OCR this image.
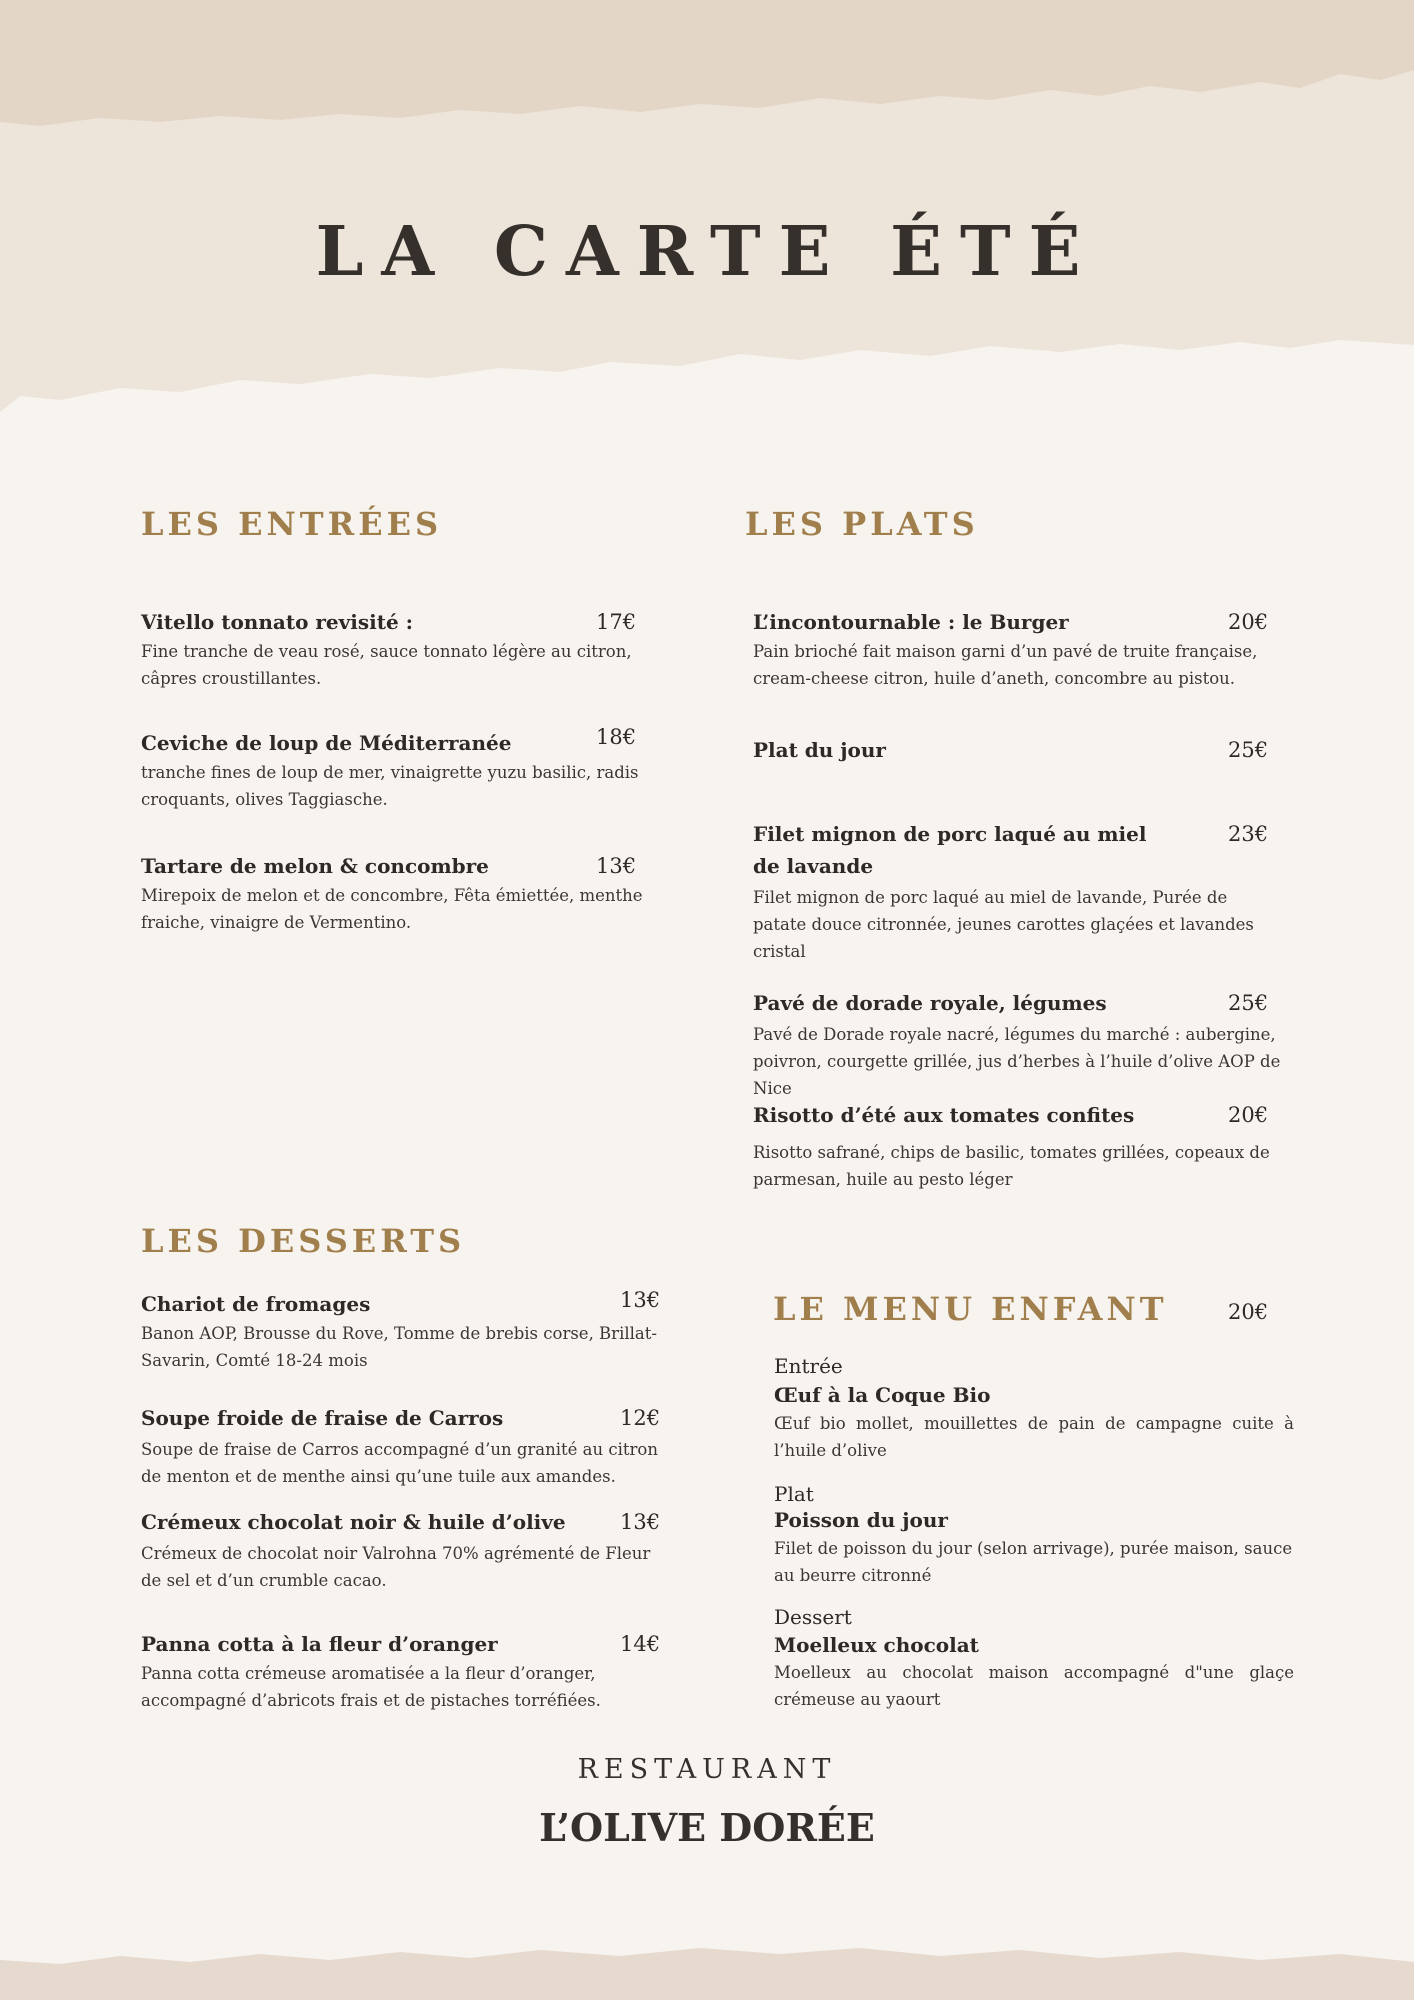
LA CARTE ÉTÉ
LES ENTRÉES
Vitello tonnato revisité :	17€

Fine tranche de veau rosé, sauce tonnato légère au citron, câpres croustillantes.

Ceviche de loup de Méditerranée	18€

tranche fines de loup de mer, vinaigrette yuzu basilic, radis croquants, olives Taggiasche.

Tartare de melon & concombre	13€

Mirepoix de melon et de concombre, Fêta émiettée, menthe fraiche, vinaigre de Vermentino.

LES PLATS
L’incontournable : le Burger	20€

Pain brioché fait maison garni d’un pavé de truite française, cream-cheese citron, huile d’aneth, concombre au pistou.

Plat du jour	25€
Filet mignon de porc laqué au miel de lavande
23€

Filet mignon de porc laqué au miel de lavande, Purée de patate douce citronnée, jeunes carottes glaçées et lavandes cristal

Pavé de dorade royale, légumes	25€

Pavé de Dorade royale nacré, légumes du marché : aubergine, poivron, courgette grillée, jus d’herbes à l’huile d’olive AOP de Nice

Risotto d’été aux tomates confites	20€

Risotto safrané, chips de basilic, tomates grillées, copeaux de parmesan, huile au pesto léger

LES DESSERTS
Chariot de fromages	13€

Banon AOP, Brousse du Rove, Tomme de brebis corse, Brillat-Savarin, Comté 18-24 mois

Soupe froide de fraise de Carros	12€

Soupe de fraise de Carros accompagné d’un granité au citron de menton et de menthe ainsi qu’une tuile aux amandes.

Crémeux chocolat noir & huile d’olive	13€

Crémeux de chocolat noir Valrohna 70% agrémenté de Fleur de sel et d’un crumble cacao.

Panna cotta à la fleur d’oranger	14€

Panna cotta crémeuse aromatisée a la fleur d’oranger, accompagné d’abricots frais et de pistaches torréfiées.

LE MENU ENFANT	20€
Entrée
Œuf à la Coque Bio

Œuf bio mollet, mouillettes de pain de campagne cuite à l’huile d’olive

Plat
Poisson du jour

Filet de poisson du jour (selon arrivage), purée maison, sauce au beurre citronné

Dessert
Moelleux chocolat

Moelleux au chocolat maison accompagné d"une glaçe crémeuse au yaourt

RESTAURANT
L’OLIVE DORÉE
